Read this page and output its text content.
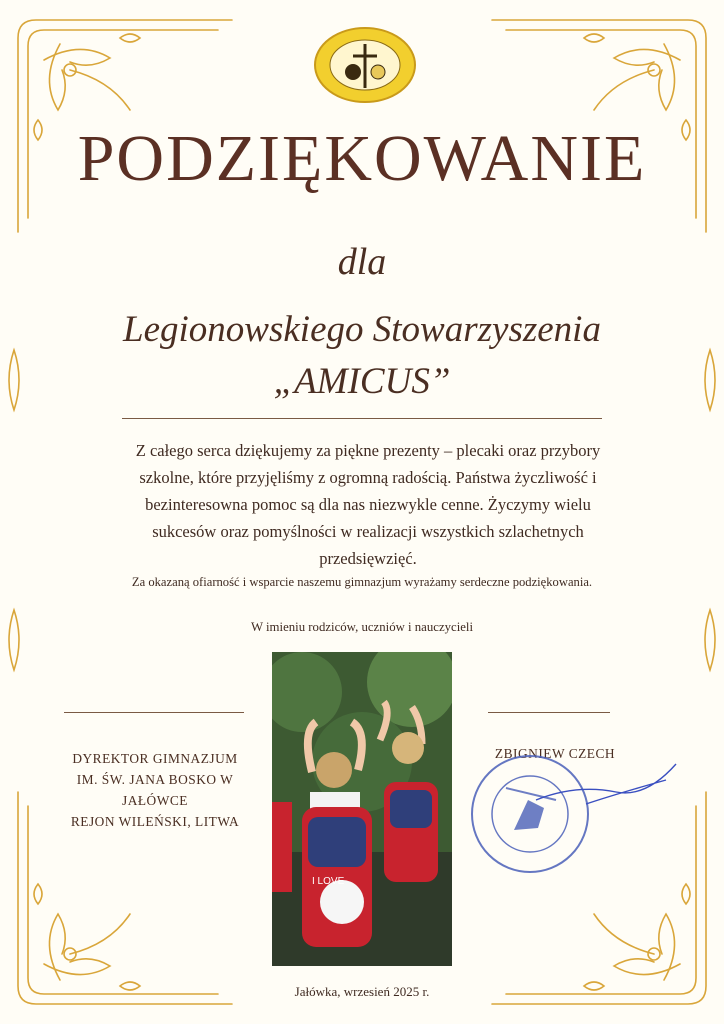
PODZIĘKOWANIE
dla
Legionowskiego Stowarzyszenia
„AMICUS”
Z całego serca dziękujemy za piękne prezenty – plecaki oraz przybory
szkolne, które przyjęliśmy z ogromną radością. Państwa życzliwość i
bezinteresowna pomoc są dla nas niezwykle cenne. Życzymy wielu
sukcesów oraz pomyślności w realizacji wszystkich szlachetnych
przedsięwzięć.
Za okazaną ofiarność i wsparcie naszemu gimnazjum wyrażamy serdeczne podziękowania.
W imieniu rodziców, uczniów i nauczycieli
I LOVE
DYREKTOR GIMNAZJUM
IM. ŚW. JANA BOSKO W
JAŁÓWCE
REJON WILEŃSKI, LITWA
ZBIGNIEW CZECH
Jałówka, wrzesień 2025 r.
